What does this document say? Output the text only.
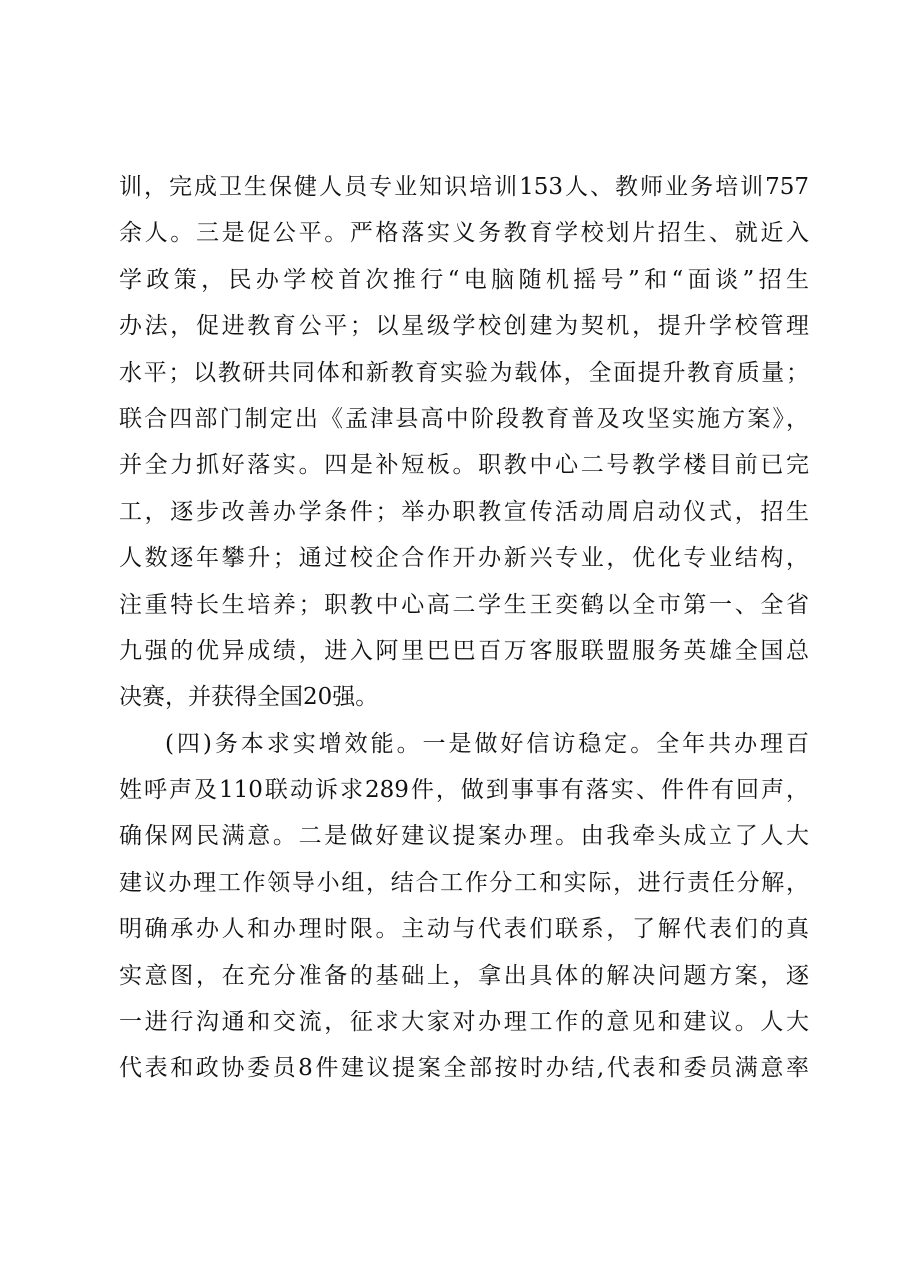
训，完成卫生保健人员专业知识培训153人、教师业务培训757
余人。三是促公平。严格落实义务教育学校划片招生、就近入
学政策，民办学校首次推行“电脑随机摇号”和“面谈”招生
办法，促进教育公平；以星级学校创建为契机，提升学校管理
水平；以教研共同体和新教育实验为载体，全面提升教育质量；
联合四部门制定出《孟津县高中阶段教育普及攻坚实施方案》，
并全力抓好落实。四是补短板。职教中心二号教学楼目前已完
工，逐步改善办学条件；举办职教宣传活动周启动仪式，招生
人数逐年攀升；通过校企合作开办新兴专业，优化专业结构，
注重特长生培养；职教中心高二学生王奕鹤以全市第一、全省
九强的优异成绩，进入阿里巴巴百万客服联盟服务英雄全国总
决赛，并获得全国20强。
(四)务本求实增效能。一是做好信访稳定。全年共办理百
姓呼声及110联动诉求289件，做到事事有落实、件件有回声，
确保网民满意。二是做好建议提案办理。由我牵头成立了人大
建议办理工作领导小组，结合工作分工和实际，进行责任分解，
明确承办人和办理时限。主动与代表们联系，了解代表们的真
实意图，在充分准备的基础上，拿出具体的解决问题方案，逐
一进行沟通和交流，征求大家对办理工作的意见和建议。人大
代表和政协委员8件建议提案全部按时办结,代表和委员满意率
